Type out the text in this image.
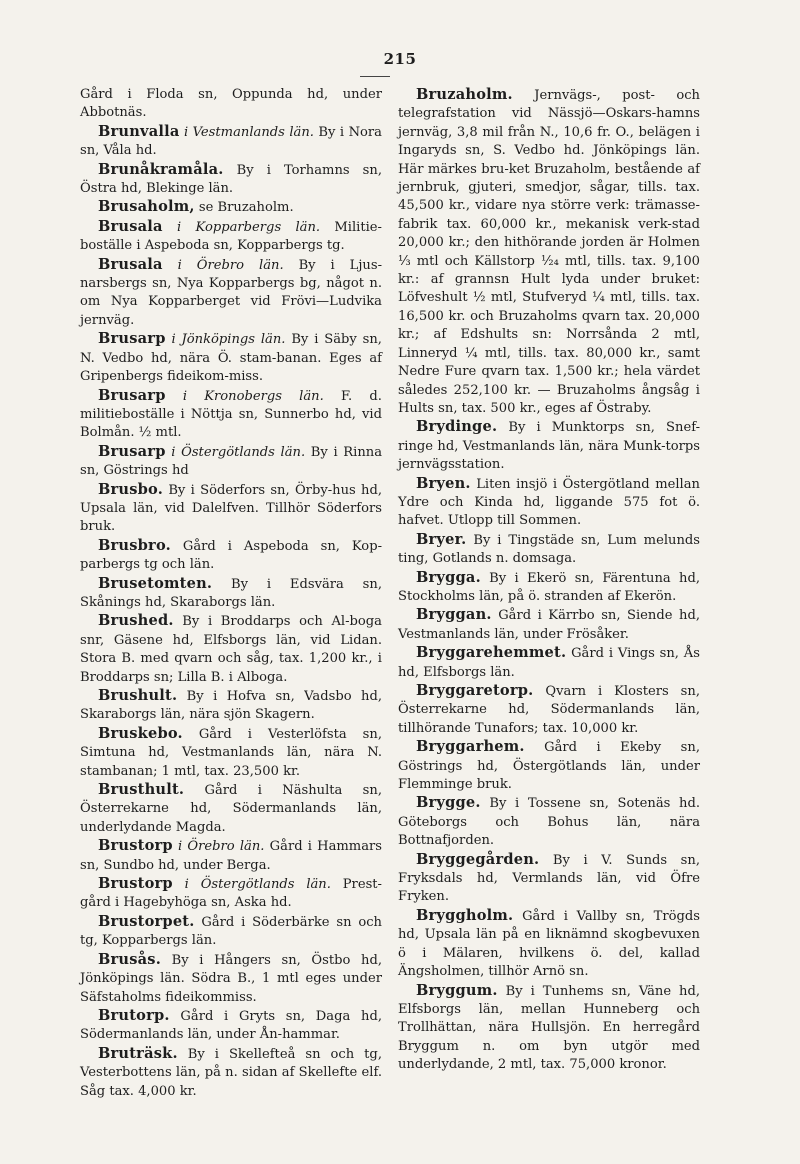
215

Gård i Floda sn, Oppunda hd, under Abbotnäs.

Brunvalla i Vestmanlands län. By i Nora sn, Våla hd.

Brunåkramåla. By i Torhamns sn, Östra hd, Blekinge län.

Brusaholm, se Bruzaholm.

Brusala i Kopparbergs län. Militie-boställe i Aspeboda sn, Kopparbergs tg.

Brusala i Örebro län. By i Ljus-narsbergs sn, Nya Kopparbergs bg, något n. om Nya Kopparberget vid Frövi—Ludvika jernväg.

Brusarp i Jönköpings län. By i Säby sn, N. Vedbo hd, nära Ö. stam-banan. Eges af Gripenbergs fideikom-miss.

Brusarp i Kronobergs län. F. d. militieboställe i Nöttja sn, Sunnerbo hd, vid Bolmån. ½ mtl.

Brusarp i Östergötlands län. By i Rinna sn, Göstrings hd

Brusbo. By i Söderfors sn, Örby-hus hd, Upsala län, vid Dalelfven. Tillhör Söderfors bruk.

Brusbro. Gård i Aspeboda sn, Kop-parbergs tg och län.

Brusetomten. By i Edsvära sn, Skånings hd, Skaraborgs län.

Brushed. By i Broddarps och Al-boga snr, Gäsene hd, Elfsborgs län, vid Lidan. Stora B. med qvarn och såg, tax. 1,200 kr., i Broddarps sn; Lilla B. i Alboga.

Brushult. By i Hofva sn, Vadsbo hd, Skaraborgs län, nära sjön Skagern.

Bruskebo. Gård i Vesterlöfsta sn, Simtuna hd, Vestmanlands län, nära N. stambanan; 1 mtl, tax. 23,500 kr.

Brusthult. Gård i Näshulta sn, Österrekarne hd, Södermanlands län, underlydande Magda.

Brustorp i Örebro län. Gård i Hammars sn, Sundbo hd, under Berga.

Brustorp i Östergötlands län. Prest-gård i Hagebyhöga sn, Aska hd.

Brustorpet. Gård i Söderbärke sn och tg, Kopparbergs län.

Brusås. By i Hångers sn, Östbo hd, Jönköpings län. Södra B., 1 mtl eges under Säfstaholms fideikommiss.

Brutorp. Gård i Gryts sn, Daga hd, Södermanlands län, under Ån-hammar.

Bruträsk. By i Skellefteå sn och tg, Vesterbottens län, på n. sidan af Skellefte elf. Såg tax. 4,000 kr.

Bruzaholm. Jernvägs-, post- och telegrafstation vid Nässjö—Oskars-hamns jernväg, 3,8 mil från N., 10,6 fr. O., belägen i Ingaryds sn, S. Vedbo hd. Jönköpings län. Här märkes bru-ket Bruzaholm, bestående af jernbruk, gjuteri, smedjor, sågar, tills. tax. 45,500 kr., vidare nya större verk: trämasse-fabrik tax. 60,000 kr., mekanisk verk-stad 20,000 kr.; den hithörande jorden är Holmen ⅓ mtl och Källstorp ¹⁄₂₄ mtl, tills. tax. 9,100 kr.: af grannsn Hult lyda under bruket: Löfveshult ½ mtl, Stufveryd ¼ mtl, tills. tax. 16,500 kr. och Bruzaholms qvarn tax. 20,000 kr.; af Edshults sn: Norrsånda 2 mtl, Linneryd ¼ mtl, tills. tax. 80,000 kr., samt Nedre Fure qvarn tax. 1,500 kr.; hela värdet således 252,100 kr. — Bruzaholms ångsåg i Hults sn, tax. 500 kr., eges af Östraby.

Brydinge. By i Munktorps sn, Snef-ringe hd, Vestmanlands län, nära Munk-torps jernvägsstation.

Bryen. Liten insjö i Östergötland mellan Ydre och Kinda hd, liggande 575 fot ö. hafvet. Utlopp till Sommen.

Bryer. By i Tingstäde sn, Lum melunds ting, Gotlands n. domsaga.

Brygga. By i Ekerö sn, Färentuna hd, Stockholms län, på ö. stranden af Ekerön.

Bryggan. Gård i Kärrbo sn, Siende hd, Vestmanlands län, under Frösåker.

Bryggarehemmet. Gård i Vings sn, Ås hd, Elfsborgs län.

Bryggaretorp. Qvarn i Klosters sn, Österrekarne hd, Södermanlands län, tillhörande Tunafors; tax. 10,000 kr.

Bryggarhem. Gård i Ekeby sn, Göstrings hd, Östergötlands län, under Flemminge bruk.

Brygge. By i Tossene sn, Sotenäs hd. Göteborgs och Bohus län, nära Bottnafjorden.

Bryggegården. By i V. Sunds sn, Fryksdals hd, Vermlands län, vid Öfre Fryken.

Bryggholm. Gård i Vallby sn, Trögds hd, Upsala län på en likn‌ämnd skogbevuxen ö i Mälaren, hvilkens ö. del, kallad Ängsholmen, tillhör Arnö sn.

Bryggum. By i Tunhems sn, Väne hd, Elfsborgs län, mellan Hunneberg och Trollhättan, nära Hullsjön. En herregård Bryggum n. om byn utgör med underlydande, 2 mtl, tax. 75,000 kronor.
